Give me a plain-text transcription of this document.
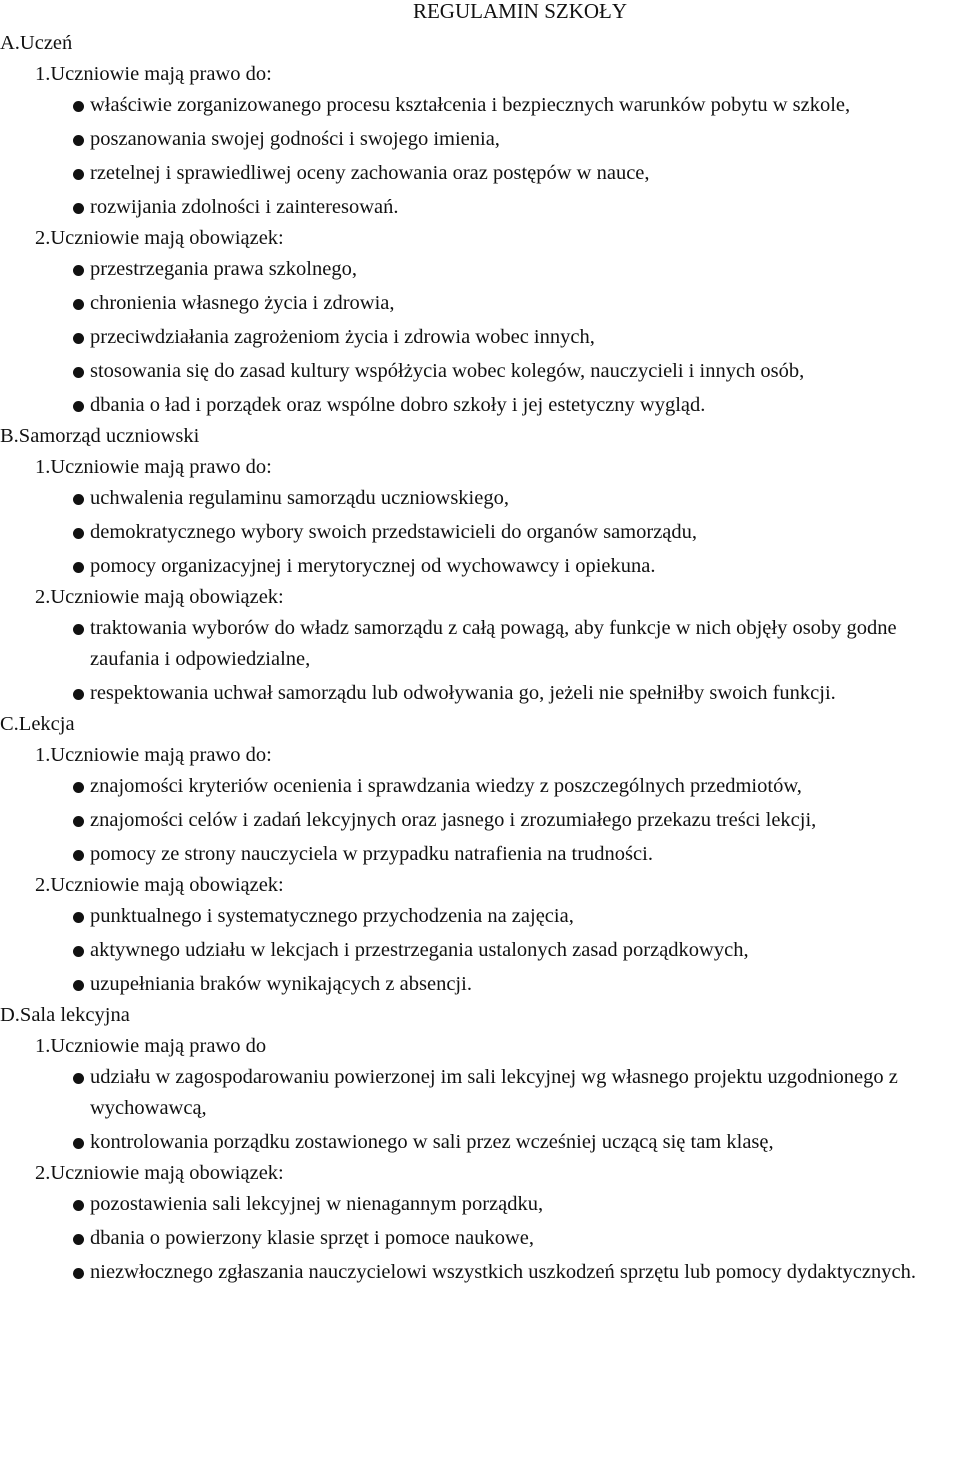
REGULAMIN SZKOŁY
A.Uczeń
1.Uczniowie mają prawo do:
właściwie zorganizowanego procesu kształcenia i bezpiecznych warunków pobytu w szkole,
poszanowania swojej godności i swojego imienia,
rzetelnej i sprawiedliwej oceny zachowania oraz postępów w nauce,
rozwijania zdolności i zainteresowań.
2.Uczniowie mają obowiązek:
przestrzegania prawa szkolnego,
chronienia własnego życia i zdrowia,
przeciwdziałania zagrożeniom życia i zdrowia wobec innych,
stosowania się do zasad kultury współżycia wobec kolegów, nauczycieli i innych osób,
dbania o ład i porządek oraz wspólne dobro szkoły i jej estetyczny wygląd.
B.Samorząd uczniowski
1.Uczniowie mają prawo do:
uchwalenia regulaminu samorządu uczniowskiego,
demokratycznego wybory swoich przedstawicieli do organów samorządu,
pomocy organizacyjnej i merytorycznej od wychowawcy i opiekuna.
2.Uczniowie mają obowiązek:
traktowania wyborów do władz samorządu z całą powagą, aby funkcje w nich objęły osoby godne zaufania i odpowiedzialne,
respektowania uchwał samorządu lub odwoływania go, jeżeli nie spełniłby swoich funkcji.
C.Lekcja
1.Uczniowie mają prawo do:
znajomości kryteriów ocenienia i sprawdzania wiedzy z poszczególnych przedmiotów,
znajomości celów i zadań lekcyjnych oraz jasnego i zrozumiałego przekazu treści lekcji,
pomocy ze strony nauczyciela w przypadku natrafienia na trudności.
2.Uczniowie mają obowiązek:
punktualnego i systematycznego przychodzenia na zajęcia,
aktywnego udziału w lekcjach i przestrzegania ustalonych zasad porządkowych,
uzupełniania braków wynikających z absencji.
D.Sala lekcyjna
1.Uczniowie mają prawo do
udziału w zagospodarowaniu powierzonej im sali lekcyjnej wg własnego projektu uzgodnionego z wychowawcą,
kontrolowania porządku zostawionego w sali przez wcześniej uczącą się tam klasę,
2.Uczniowie mają obowiązek:
pozostawienia sali lekcyjnej w nienagannym porządku,
dbania o powierzony klasie sprzęt i pomoce naukowe,
niezwłocznego zgłaszania nauczycielowi wszystkich uszkodzeń sprzętu lub pomocy dydaktycznych.
